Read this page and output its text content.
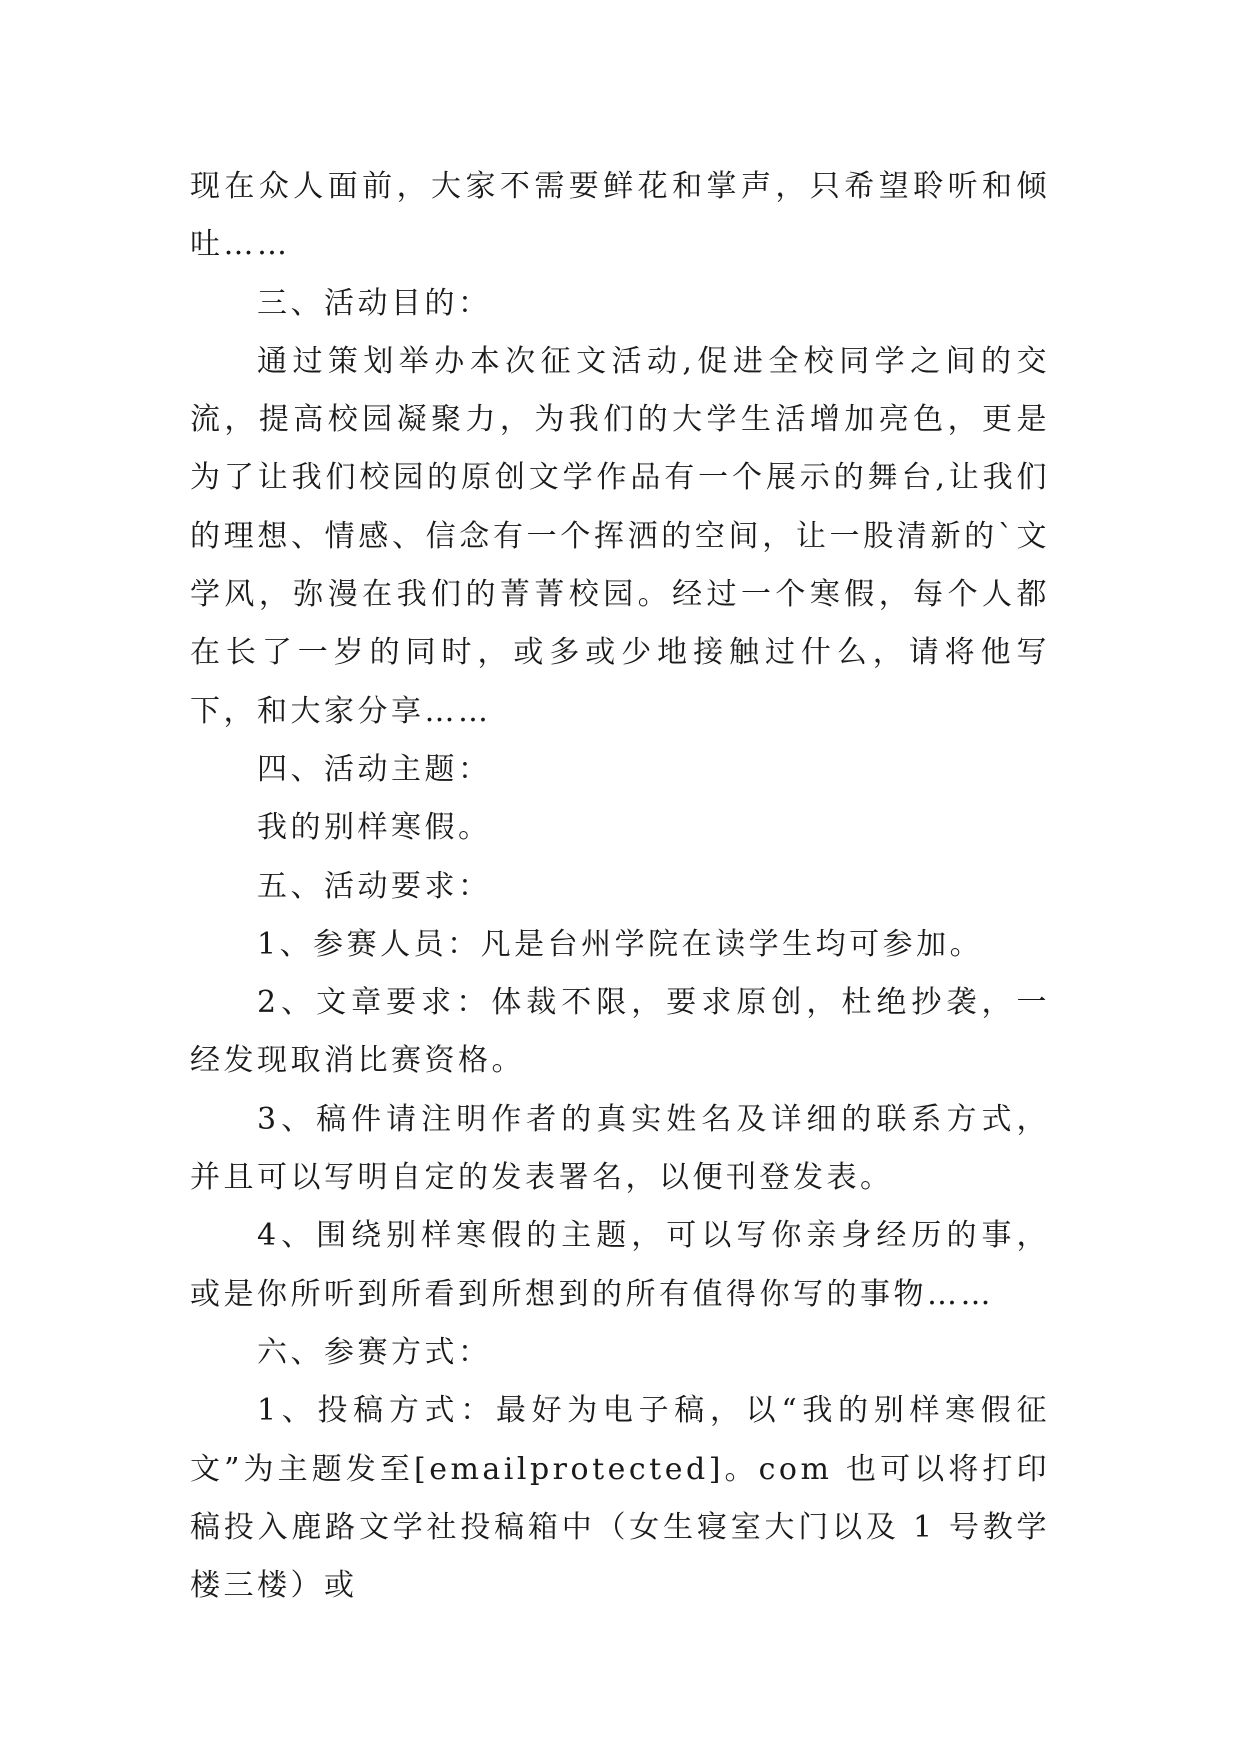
现在众人面前，大家不需要鲜花和掌声，只希望聆听和倾吐……

三、活动目的：

通过策划举办本次征文活动,促进全校同学之间的交流，提高校园凝聚力，为我们的大学生活增加亮色，更是为了让我们校园的原创文学作品有一个展示的舞台,让我们的理想、情感、信念有一个挥洒的空间，让一股清新的`文学风，弥漫在我们的菁菁校园。经过一个寒假，每个人都在长了一岁的同时，或多或少地接触过什么，请将他写下，和大家分享……

四、活动主题：

我的别样寒假。

五、活动要求：

1、参赛人员：凡是台州学院在读学生均可参加。

2、文章要求：体裁不限，要求原创，杜绝抄袭，一经发现取消比赛资格。

3、稿件请注明作者的真实姓名及详细的联系方式，并且可以写明自定的发表署名，以便刊登发表。

4、围绕别样寒假的主题，可以写你亲身经历的事，或是你所听到所看到所想到的所有值得你写的事物……

六、参赛方式：

1、投稿方式：最好为电子稿，以“我的别样寒假征文”为主题发至[emailprotected]。com 也可以将打印稿投入鹿路文学社投稿箱中（女生寝室大门以及 1 号教学楼三楼）或
